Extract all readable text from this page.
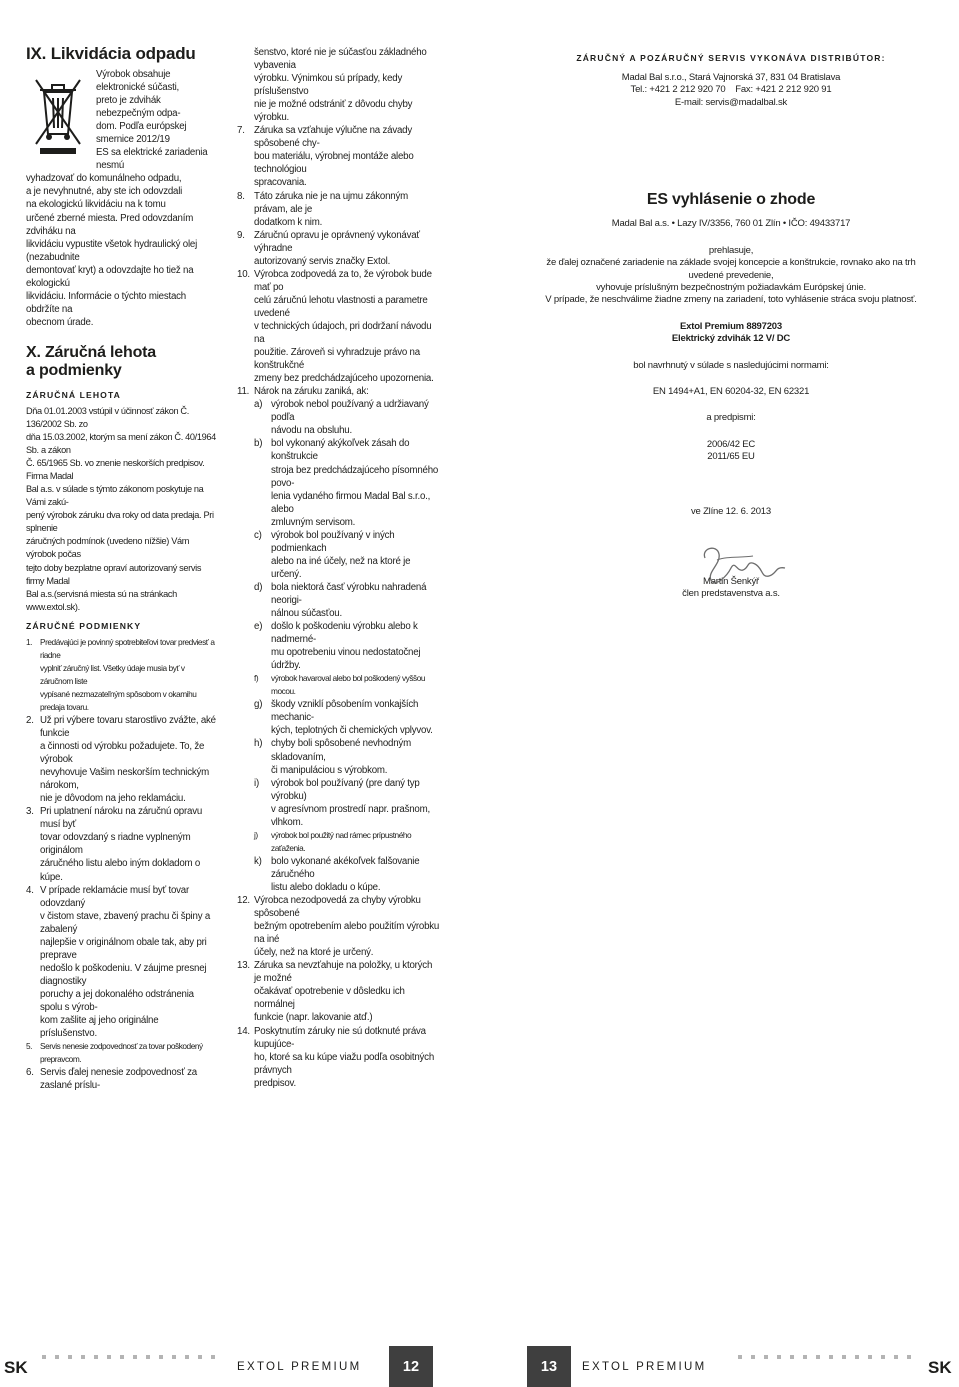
IX. Likvidácia odpadu

Výrobok obsahuje elektronické súčasti,
preto je zdvihák nebezpečným odpa-
dom. Podľa európskej smernice 2012/19
ES sa elektrické zariadenia nesmú
vyhadzovať do komunálneho odpadu,
a je nevyhnutné, aby ste ich odovzdali
na ekologickú likvidáciu na k tomu
určené zberné miesta. Pred odovzdaním zdviháku na
likvidáciu vypustite všetok hydraulický olej (nezabudnite
demontovať kryt) a odovzdajte ho tiež na ekologickú
likvidáciu. Informácie o týchto miestach obdržíte na
obecnom úrade.

X. Záručná lehota
a podmienky
ZÁRUČNÁ LEHOTA

Dňa 01.01.2003 vstúpil v účinnosť zákon Č. 136/2002 Sb. zo
dňa 15.03.2002, ktorým sa mení zákon Č. 40/1964 Sb. a zákon
Č. 65/1965 Sb. vo znenie neskorších predpisov. Firma Madal
Bal a.s. v súlade s týmto zákonom poskytuje na Vámi zakú-
pený výrobok záruku dva roky od data predaja. Pri splnenie
záručných podmínok (uvedeno nížšie) Vám výrobok počas
tejto doby bezplatne opraví autorizovaný servis firmy Madal
Bal a.s.(servisná miesta sú na stránkach www.extol.sk).

ZÁRUČNÉ PODMIENKY
1. Predávajúci je povinný spotrebiteľovi tovar predviesť a riadne
vyplniť záručný list. Všetky údaje musia byť v záručnom liste
vypísané nezmazateľným spôsobom v okamihu predaja tovaru.
2. Už pri výbere tovaru starostlivo zvážte, aké funkcie
a činnosti od výrobku požadujete. To, že výrobok
nevyhovuje Vašim neskorším technickým nárokom,
nie je dôvodom na jeho reklamáciu.
3. Pri uplatnení nároku na záručnú opravu musí byť
tovar odovzdaný s riadne vyplneným originálom
záručného listu alebo iným dokladom o kúpe.
4. V prípade reklamácie musí byť tovar odovzdaný
v čistom stave, zbavený prachu či špiny a zabalený
najlepšie v originálnom obale tak, aby pri preprave
nedošlo k poškodeniu. V záujme presnej diagnostiky
poruchy a jej dokonalého odstránenia spolu s výrob-
kom zašlite aj jeho originálne príslušenstvo.
5. Servis nenesie zodpovednosť za tovar poškodený prepravcom.
6. Servis ďalej nenesie zodpovednosť za zaslané príslu-
šenstvo, ktoré nie je súčasťou základného vybavenia
výrobku. Výnimkou sú prípady, kedy príslušenstvo
nie je možné odstrániť z dôvodu chyby výrobku.
7. Záruka sa vzťahuje výlučne na závady spôsobené chy-
bou materiálu, výrobnej montáže alebo technológiou
spracovania.
8. Táto záruka nie je na ujmu zákonným právam, ale je
dodatkom k nim.
9. Záručnú opravu je oprávnený vykonávať výhradne
autorizovaný servis značky Extol.
10. Výrobca zodpovedá za to, že výrobok bude mať po
celú záručnú lehotu vlastnosti a parametre uvedené
v technických údajoch, pri dodržaní návodu na
použitie. Zároveň si vyhradzuje právo na konštrukčné
zmeny bez predchádzajúceho upozornenia.
11. Nárok na záruku zaniká, ak:
a) výrobok nebol používaný a udržiavaný podľa
návodu na obsluhu.
b) bol vykonaný akýkoľvek zásah do konštrukcie
stroja bez predchádzajúceho písomného povo-
lenia vydaného firmou Madal Bal s.r.o., alebo
zmluvným servisom.
c) výrobok bol používaný v iných podmienkach
alebo na iné účely, než na ktoré je určený.
d) bola niektorá časť výrobku nahradená neorigi-
nálnou súčasťou.
e) došlo k poškodeniu výrobku alebo k nadmerné-
mu opotrebeniu vinou nedostatočnej údržby.
f) výrobok havaroval alebo bol poškodený vyššou mocou.
g) škody vzniklí pôsobením vonkajších mechanic-
kých, teplotných či chemických vplyvov.
h) chyby boli spôsobené nevhodným skladovaním,
či manipuláciou s výrobkom.
i) výrobok bol používaný (pre daný typ výrobku)
v agresívnom prostredí napr. prašnom, vlhkom.
j) výrobok bol použitý nad rámec prípustného zaťaženia.
k) bolo vykonané akékoľvek falšovanie záručného
listu alebo dokladu o kúpe.
12. Výrobca nezodpovedá za chyby výrobku spôsobené
bežným opotrebením alebo použitím výrobku na iné
účely, než na ktoré je určený.
13. Záruka sa nevzťahuje na položky, u ktorých je možné
očakávať opotrebenie v dôsledku ich normálnej
funkcie (napr. lakovanie atď.)
14. Poskytnutím záruky nie sú dotknuté práva kupujúce-
ho, ktoré sa ku kúpe viažu podľa osobitných právnych
predpisov.
ZÁRUČNÝ A POZÁRUČNÝ SERVIS VYKONÁVA DISTRIBÚTOR:

Madal Bal s.r.o., Stará Vajnorská 37, 831 04 Bratislava

Tel.: +421 2 212 920 70    Fax: +421 2 212 920 91

E-mail: servis@madalbal.sk

ES vyhlásenie o zhode

Madal Bal a.s. • Lazy IV/3356, 760 01 Zlín • IČO: 49433717

prehlasuje,
že ďalej označené zariadenie na základe svojej koncepcie a konštrukcie, rovnako ako na trh uvedené prevedenie,
vyhovuje príslušným bezpečnostným požiadavkám Európskej únie.
V prípade, že neschválime žiadne zmeny na zariadení, toto vyhlásenie stráca svoju platnosť.

Extol Premium 8897203

Elektrický zdvihák 12 V/ DC

bol navrhnutý v súlade s nasledujúcimi normami:

EN 1494+A1, EN 60204-32, EN 62321

a predpismi:

2006/42 EC

2011/65 EU

ve Zlíne 12. 6. 2013

Martin Šenkýř

člen predstavenstva a.s.

SK	EXTOL PREMIUM	12	13	EXTOL PREMIUM	SK
